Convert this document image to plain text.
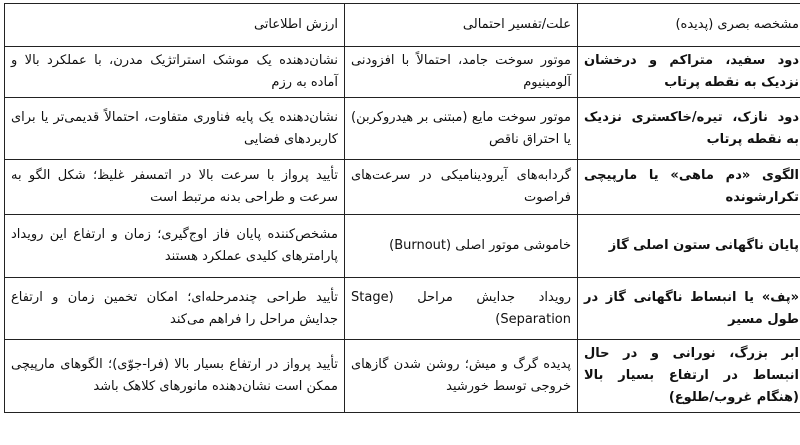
مشخصه بصری (پدیده)	علت/تفسیر احتمالی	ارزش اطلاعاتی
دود سفید، متراکم و درخشان نزدیک به نقطه پرتاب	موتور سوخت جامد، احتمالاً با افزودنی آلومینیوم	نشان‌دهنده یک موشک استراتژیک مدرن، با عملکرد بالا و آماده به رزم
دود نازک، تیره/خاکستری نزدیک به نقطه پرتاب	موتور سوخت مایع (مبتنی بر هیدروکربن) یا احتراق ناقص	نشان‌دهنده یک پایه فناوری متفاوت، احتمالاً قدیمی‌تر یا برای کاربردهای فضایی
الگوی «دم ماهی» یا مارپیچی تکرارشونده	گردابه‌های آیرودینامیکی در سرعت‌های فراصوت	تأیید پرواز با سرعت بالا در اتمسفر غلیظ؛ شکل الگو به سرعت و طراحی بدنه مرتبط است
پایان ناگهانی ستون اصلی گاز	خاموشی موتور اصلی (Burnout)	مشخص‌کننده پایان فاز اوج‌گیری؛ زمان و ارتفاع این رویداد پارامترهای کلیدی عملکرد هستند
«پف» یا انبساط ناگهانی گاز در طول مسیر	رویداد جدایش مراحل (Stage Separation)	تأیید طراحی چندمرحله‌ای؛ امکان تخمین زمان و ارتفاع جدایش مراحل را فراهم می‌کند
ابر بزرگ، نورانی و در حال انبساط در ارتفاع بسیار بالا (هنگام غروب/طلوع)	پدیده گرگ و میش؛ روشن شدن گازهای خروجی توسط خورشید	تأیید پرواز در ارتفاع بسیار بالا (فرا-جوّی)؛ الگوهای مارپیچی ممکن است نشان‌دهنده مانورهای کلاهک باشد
